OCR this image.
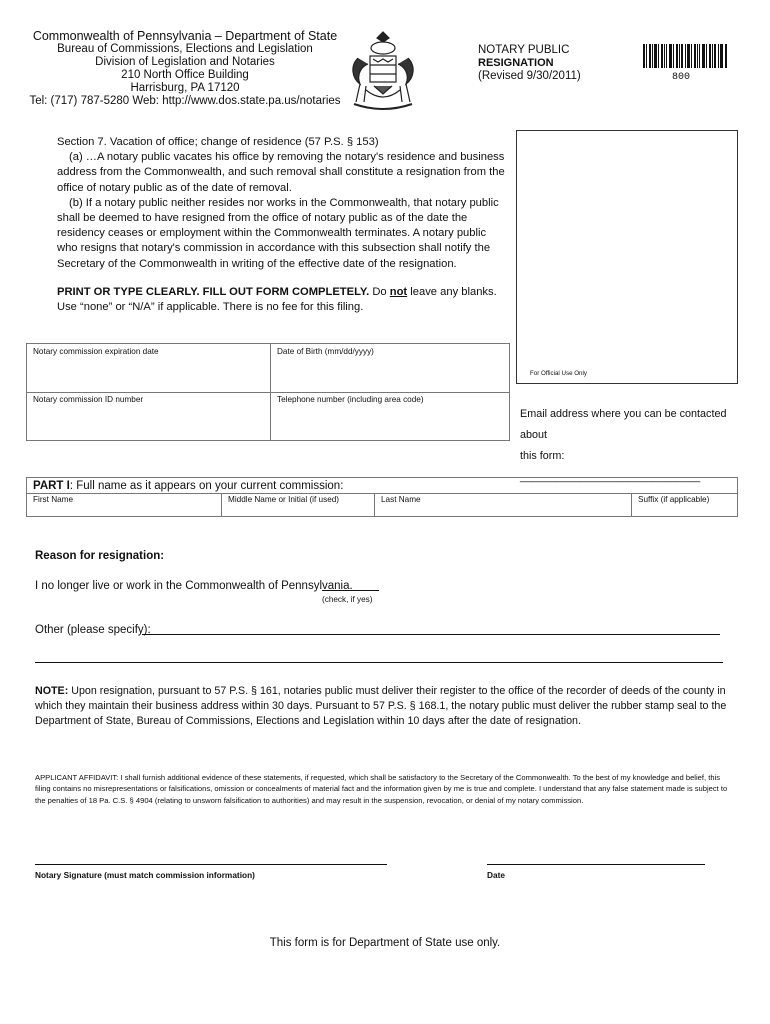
Commonwealth of Pennsylvania – Department of State
Bureau of Commissions, Elections and Legislation
Division of Legislation and Notaries
210 North Office Building
Harrisburg, PA 17120
Tel: (717) 787-5280 Web: http://www.dos.state.pa.us/notaries
NOTARY PUBLIC
RESIGNATION
(Revised 9/30/2011)	800

Section 7. Vacation of office; change of residence (57 P.S. § 153)

(a) …A notary public vacates his office by removing the notary's residence and business address from the Commonwealth, and such removal shall constitute a resignation from the office of notary public as of the date of removal.

(b) If a notary public neither resides nor works in the Commonwealth, that notary public shall be deemed to have resigned from the office of notary public as of the date the residency ceases or employment within the Commonwealth terminates. A notary public who resigns that notary's commission in accordance with this subsection shall notify the Secretary of the Commonwealth in writing of the effective date of the resignation.

PRINT OR TYPE CLEARLY. FILL OUT FORM COMPLETELY. Do not leave any blanks.
Use “none” or “N/A” if applicable. There is no fee for this filing.
For Official Use Only
Email address where you can be contacted about
this form: ______________________________
Notary commission expiration date	Date of Birth (mm/dd/yyyy)
Notary commission ID number	Telephone number (including area code)
PART I: Full name as it appears on your current commission:
First Name	Middle Name or Initial (if used)	Last Name	Suffix (if applicable)
Reason for resignation:
I no longer live or work in the Commonwealth of Pennsylvania.
(check, if yes)
Other (please specify):
NOTE: Upon resignation, pursuant to 57 P.S. § 161, notaries public must deliver their register to the office of the recorder of deeds of the county in which they maintain their business address within 30 days. Pursuant to 57 P.S. § 168.1, the notary public must deliver the rubber stamp seal to the Department of State, Bureau of Commissions, Elections and Legislation within 10 days after the date of resignation.
APPLICANT AFFIDAVIT: I shall furnish additional evidence of these statements, if requested, which shall be satisfactory to the Secretary of the Commonwealth. To the best of my knowledge and belief, this filing contains no misrepresentations or falsifications, omission or concealments of material fact and the information given by me is true and complete. I understand that any false statement made is subject to the penalties of 18 Pa. C.S. § 4904 (relating to unsworn falsification to authorities) and may result in the suspension, revocation, or denial of my notary commission.
Notary Signature (must match commission information)	Date
This form is for Department of State use only.
